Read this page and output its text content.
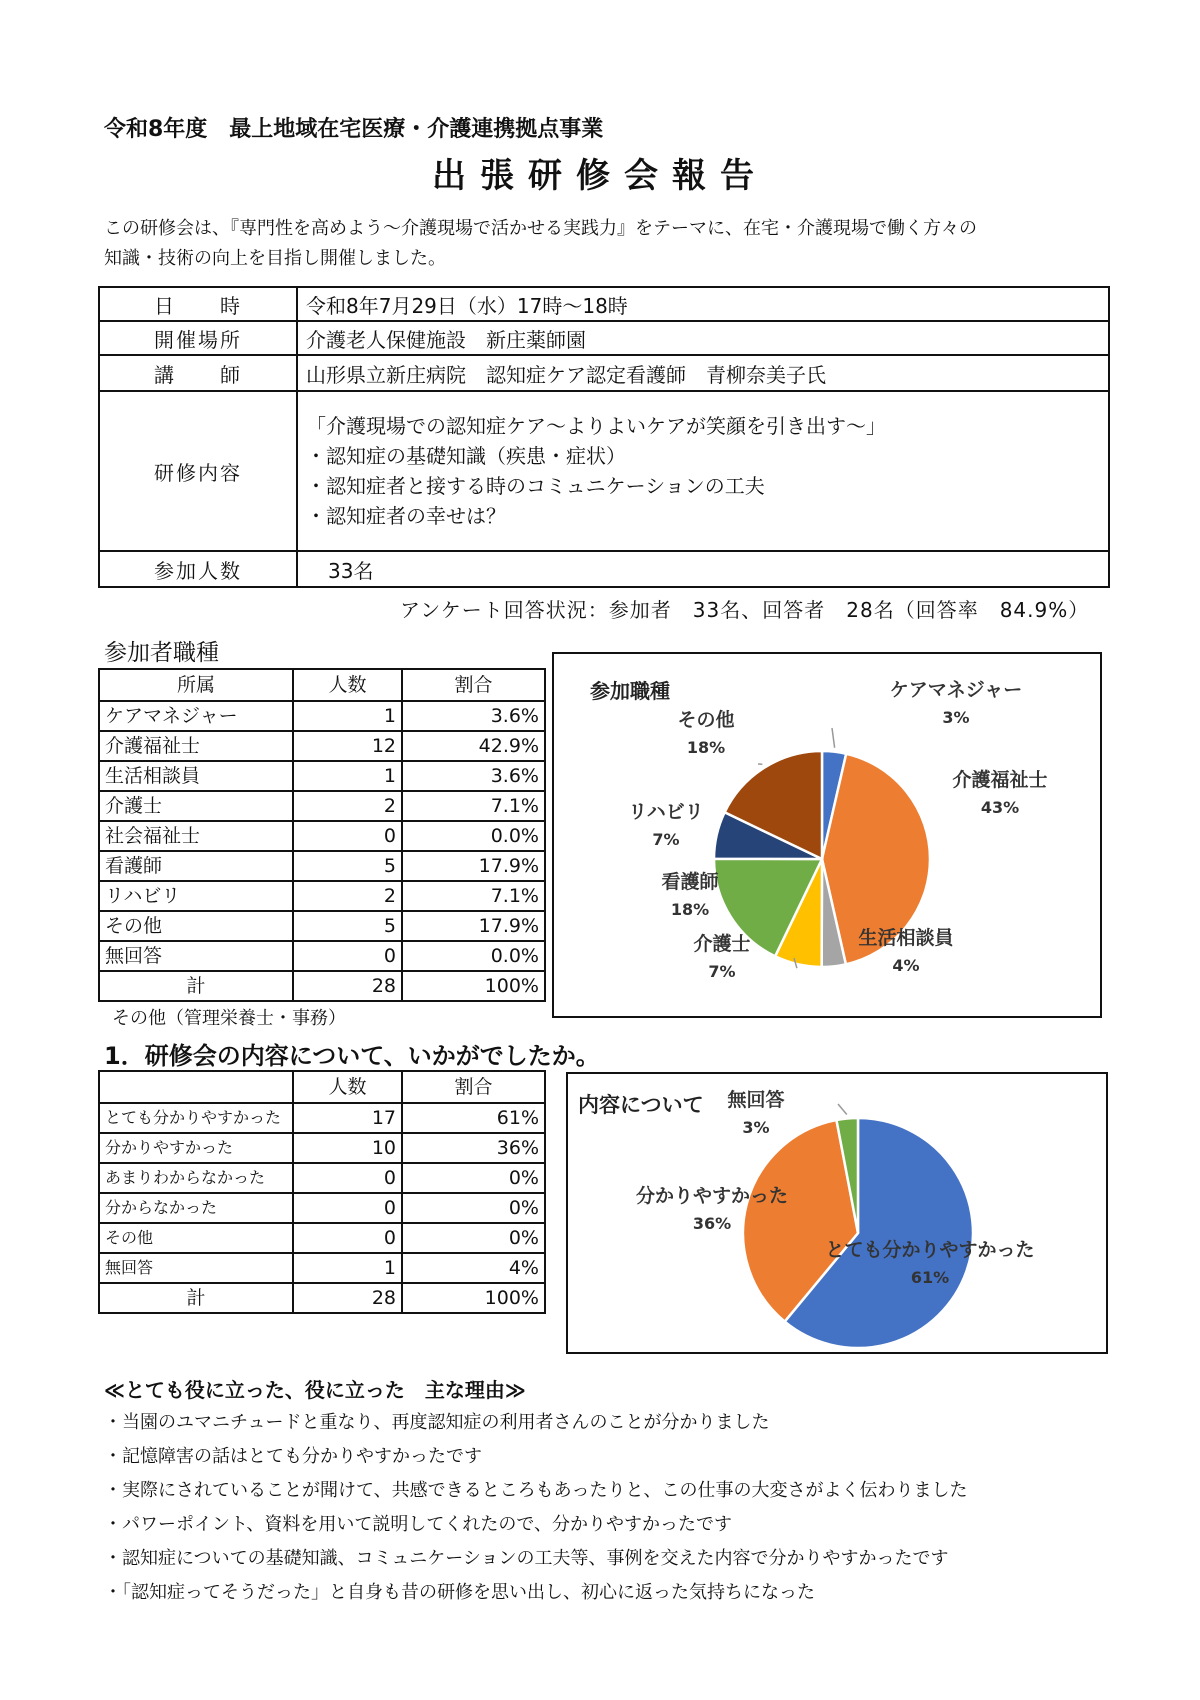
令和8年度　最上地域在宅医療・介護連携拠点事業
出張研修会報告
この研修会は、『専門性を高めよう～介護現場で活かせる実践力』をテーマに、在宅・介護現場で働く方々の
知識・技術の向上を目指し開催しました。
日　　時	令和8年7月29日（水）17時～18時
開催場所	介護老人保健施設　新庄薬師園
講　　師	山形県立新庄病院　認知症ケア認定看護師　青柳奈美子氏
研修内容	「介護現場での認知症ケア～よりよいケアが笑顔を引き出す～」
・認知症の基礎知識（疾患・症状）
・認知症者と接する時のコミュニケーションの工夫
・認知症者の幸せは？

参加人数	33名
アンケート回答状況：参加者　33名、回答者　28名（回答率　84.9%）
参加者職種
所属	人数	割合
ケアマネジャー	1	3.6%
介護福祉士	12	42.9%
生活相談員	1	3.6%
介護士	2	7.1%
社会福祉士	0	0.0%
看護師	5	17.9%
リハビリ	2	7.1%
その他	5	17.9%
無回答	0	0.0%
計	28	100%
その他（管理栄養士・事務）
参加職種	ケアマネジャー
3%
介護福祉士
43%
生活相談員
4%
介護士
7%
看護師
18%
リハビリ
7%
その他
18%
1．研修会の内容について、いかがでしたか。
	人数	割合
とても分かりやすかった	17	61%
分かりやすかった	10	36%
あまりわからなかった	0	0%
分からなかった	0	0%
その他	0	0%
無回答	1	4%
計	28	100%
内容について
とても分かりやすかった
61%
分かりやすかった
36%
無回答
3%
≪とても役に立った、役に立った　主な理由≫
・当園のユマニチュードと重なり、再度認知症の利用者さんのことが分かりました
・記憶障害の話はとても分かりやすかったです
・実際にされていることが聞けて、共感できるところもあったりと、この仕事の大変さがよく伝わりました
・パワーポイント、資料を用いて説明してくれたので、分かりやすかったです
・認知症についての基礎知識、コミュニケーションの工夫等、事例を交えた内容で分かりやすかったです
・「認知症ってそうだった」と自身も昔の研修を思い出し、初心に返った気持ちになった
